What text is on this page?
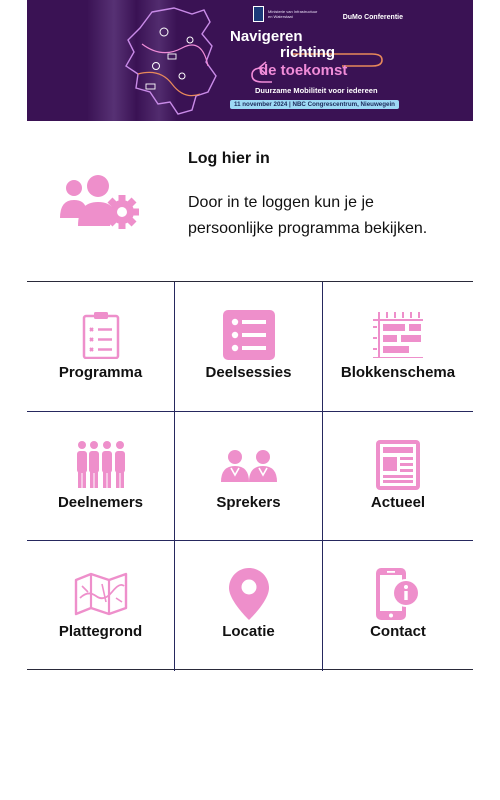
Ministerie van Infrastructuur en Waterstaat	DuMo Conferentie
Navigeren
richting
de toekomst
Duurzame Mobiliteit voor iedereen
11 november 2024 | NBC Congrescentrum, Nieuwegein
Log hier in
Door in te loggen kun je je persoonlijke programma bekijken.
Programma	Deelsessies	Blokkenschema
Deelnemers	Sprekers	Actueel
Plattegrond	Locatie	Contact
